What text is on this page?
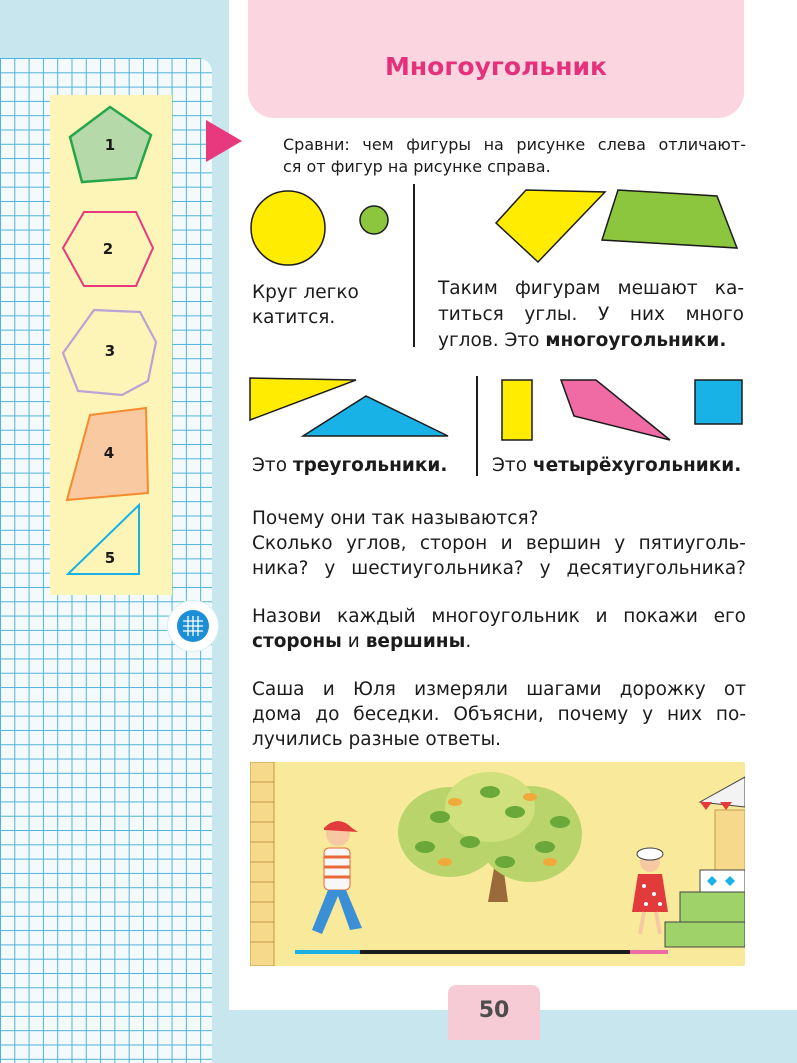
1
2
3
4
5
Многоугольник
Сравни: чем фигуры на рисунке слева отличают-
ся от фигур на рисунке справа.
Круг легко
катится.
Таким фигурам мешают ка-
титься углы. У них много
углов. Это многоугольники.
Это треугольники. Это четырёхугольники.
Почему они так называются?
Сколько углов, сторон и вершин у пятиуголь-
ника? у шестиугольника? у десятиугольника?
Назови каждый многоугольник и покажи его
стороны и вершины.
Саша и Юля измеряли шагами дорожку от
дома до беседки. Объясни, почему у них по-
лучились разные ответы.
50
